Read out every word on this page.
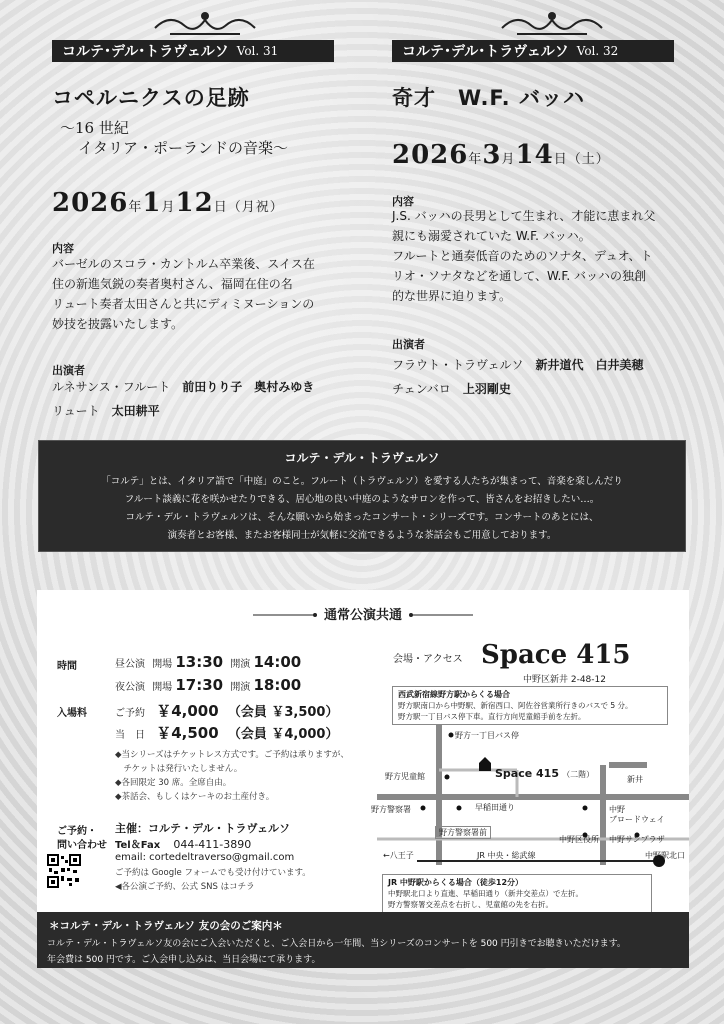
コルテ･デル･トラヴェルソ Vol. 31
コペルニクスの足跡
～16 世紀
イタリア・ポーランドの音楽～
2026年1月12日（月祝）
内容
バーゼルのスコラ・カントルム卒業後、スイス在
住の新進気鋭の奏者奥村さん、福岡在住の名
リュート奏者太田さんと共にディミヌーションの
妙技を披露いたします。
出演者
ルネサンス・フルート 前田りり子　奥村みゆき
リュート 太田耕平
コルテ･デル･トラヴェルソ Vol. 32
奇才　W.F. バッハ
2026年3月14日（土）
内容
J.S. バッハの長男として生まれ、才能に恵まれ父
親にも溺愛されていた W.F. バッハ。
フルートと通奏低音のためのソナタ、デュオ、ト
リオ・ソナタなどを通して、W.F. バッハの独創
的な世界に迫ります。
出演者
フラウト・トラヴェルソ 新井道代　白井美穂
チェンバロ 上羽剛史
コルテ・デル・トラヴェルソ
「コルテ」とは、イタリア語で「中庭」のこと。フルート（トラヴェルソ）を愛する人たちが集まって、音楽を楽しんだり
フルート談義に花を咲かせたりできる、居心地の良い中庭のようなサロンを作って、皆さんをお招きしたい…。
コルテ・デル・トラヴェルソは、そんな願いから始まったコンサート・シリーズです。コンサートのあとには、
演奏者とお客様、またお客様同士が気軽に交流できるような茶話会もご用意しております。
通常公演共通
時間	昼公演 開場 13:30 開演 14:00
夜公演 開場 17:30 開演 18:00
入場料	ご予約 ￥4,000 （会員 ￥3,500）
当　日 ￥4,500 （会員 ￥4,000）
◆当シリーズはチケットレス方式です。ご予約は承りますが、
　チケットは発行いたしません。
◆各回限定 30 席。全席自由。
◆茶話会、もしくはケーキのお土産付き。
ご予約・
問い合わせ
主催：コルテ・デル・トラヴェルソ
Tel＆Fax 044-411-3890
email: cortedeltraverso@gmail.com
ご予約は Google フォームでも受け付けています。
◀各公演ご予約、公式 SNS はコチラ
会場・アクセス Space 415
中野区新井 2-48-12
西武新宿線野方駅からくる場合
野方駅南口から中野駅、新宿西口、阿佐谷営業所行きのバスで 5 分。
野方駅一丁目バス停下車。直行方向児童館手前を左折。
野方一丁目バス停
野方児童館	Space 415 （二階）
新井
野方警察署	早稲田通り	中野
ブロードウェイ
野方警察署前
中野区役所 中野サンプラザ
←八王子	JR 中央・総武線	中野駅北口
JR 中野駅からくる場合（徒歩12分）
中野駅北口より直進、早稲田通り（新井交差点）で左折。
野方警察署交差点を右折し、児童館の先を右折。
＊コルテ・デル・トラヴェルソ 友の会のご案内＊
コルテ・デル・トラヴェルソ友の会にご入会いただくと、ご入会日から一年間、当シリーズのコンサートを 500 円引きでお聴きいただけます。
年会費は 500 円です。ご入会申し込みは、当日会場にて承ります。
